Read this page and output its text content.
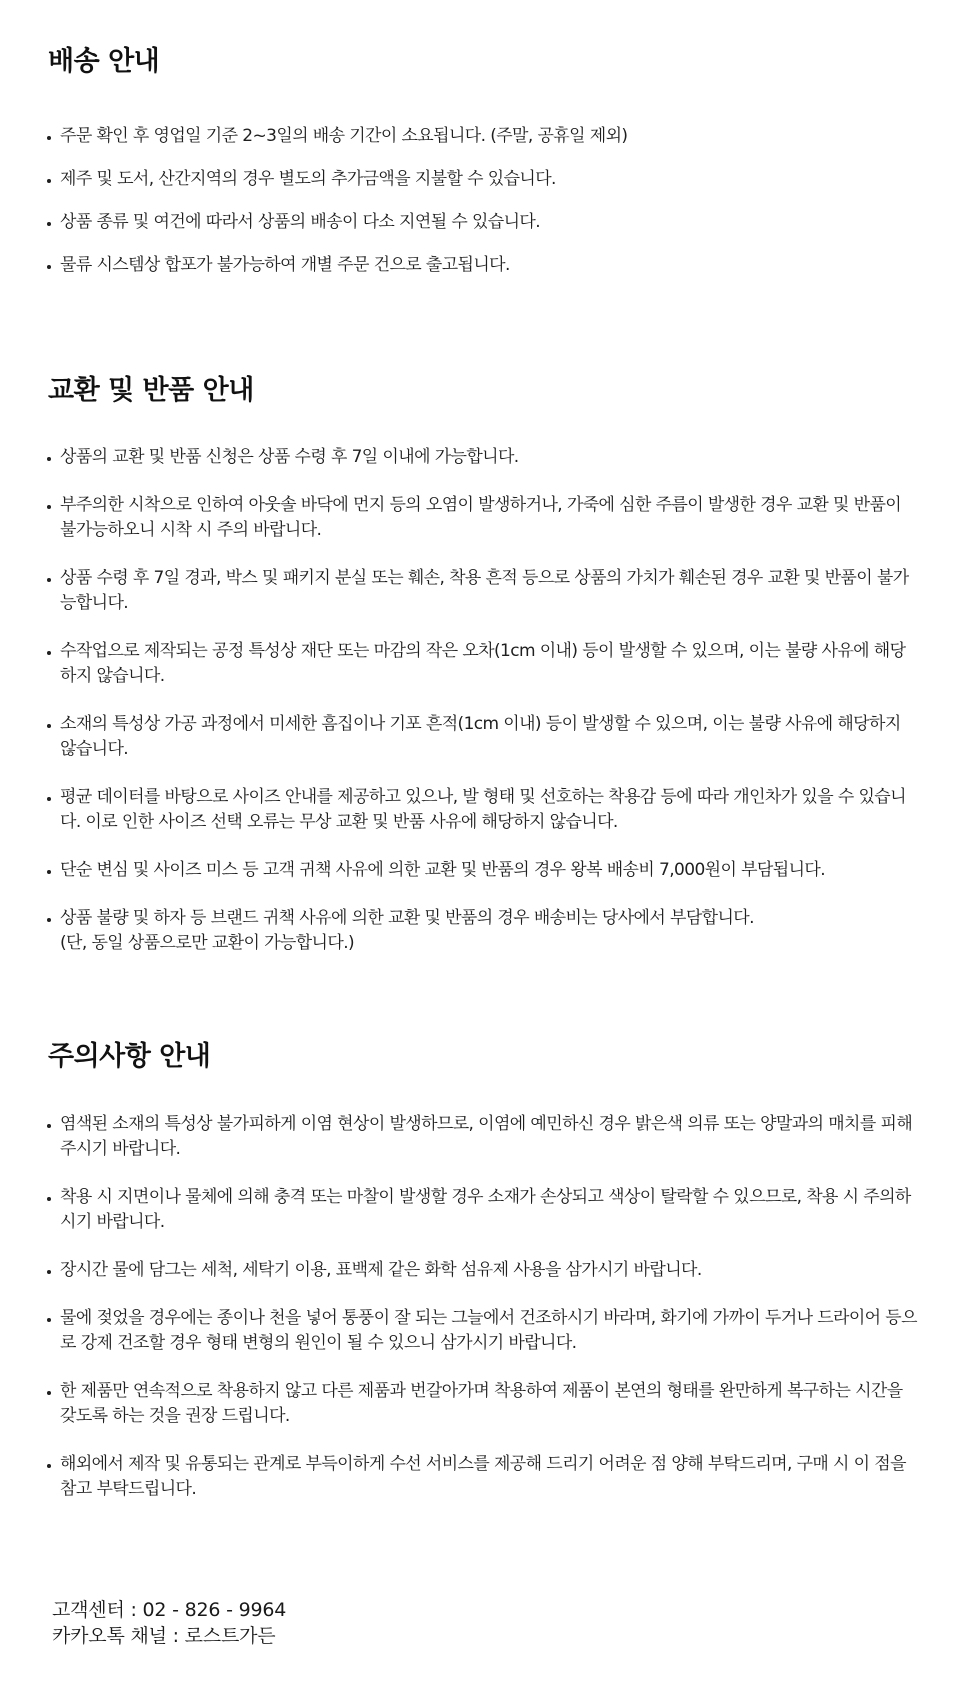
배송 안내
주문 확인 후 영업일 기준 2~3일의 배송 기간이 소요됩니다. (주말, 공휴일 제외)
제주 및 도서, 산간지역의 경우 별도의 추가금액을 지불할 수 있습니다.
상품 종류 및 여건에 따라서 상품의 배송이 다소 지연될 수 있습니다.
물류 시스템상 합포가 불가능하여 개별 주문 건으로 출고됩니다.
교환 및 반품 안내
상품의 교환 및 반품 신청은 상품 수령 후 7일 이내에 가능합니다.
부주의한 시착으로 인하여 아웃솔 바닥에 먼지 등의 오염이 발생하거나, 가죽에 심한 주름이 발생한 경우 교환 및 반품이 불가능하오니 시착 시 주의 바랍니다.
상품 수령 후 7일 경과, 박스 및 패키지 분실 또는 훼손, 착용 흔적 등으로 상품의 가치가 훼손된 경우 교환 및 반품이 불가능합니다.
수작업으로 제작되는 공정 특성상 재단 또는 마감의 작은 오차(1cm 이내) 등이 발생할 수 있으며, 이는 불량 사유에 해당하지 않습니다.
소재의 특성상 가공 과정에서 미세한 흠집이나 기포 흔적(1cm 이내) 등이 발생할 수 있으며, 이는 불량 사유에 해당하지 않습니다.
평균 데이터를 바탕으로 사이즈 안내를 제공하고 있으나, 발 형태 및 선호하는 착용감 등에 따라 개인차가 있을 수 있습니다. 이로 인한 사이즈 선택 오류는 무상 교환 및 반품 사유에 해당하지 않습니다.
단순 변심 및 사이즈 미스 등 고객 귀책 사유에 의한 교환 및 반품의 경우 왕복 배송비 7,000원이 부담됩니다.
상품 불량 및 하자 등 브랜드 귀책 사유에 의한 교환 및 반품의 경우 배송비는 당사에서 부담합니다.
(단, 동일 상품으로만 교환이 가능합니다.)
주의사항 안내
염색된 소재의 특성상 불가피하게 이염 현상이 발생하므로, 이염에 예민하신 경우 밝은색 의류 또는 양말과의 매치를 피해주시기 바랍니다.
착용 시 지면이나 물체에 의해 충격 또는 마찰이 발생할 경우 소재가 손상되고 색상이 탈락할 수 있으므로, 착용 시 주의하시기 바랍니다.
장시간 물에 담그는 세척, 세탁기 이용, 표백제 같은 화학 섬유제 사용을 삼가시기 바랍니다.
물에 젖었을 경우에는 종이나 천을 넣어 통풍이 잘 되는 그늘에서 건조하시기 바라며, 화기에 가까이 두거나 드라이어 등으로 강제 건조할 경우 형태 변형의 원인이 될 수 있으니 삼가시기 바랍니다.
한 제품만 연속적으로 착용하지 않고 다른 제품과 번갈아가며 착용하여 제품이 본연의 형태를 완만하게 복구하는 시간을 갖도록 하는 것을 권장 드립니다.
해외에서 제작 및 유통되는 관계로 부득이하게 수선 서비스를 제공해 드리기 어려운 점 양해 부탁드리며, 구매 시 이 점을 참고 부탁드립니다.
고객센터 : 02 - 826 - 9964
카카오톡 채널 : 로스트가든
